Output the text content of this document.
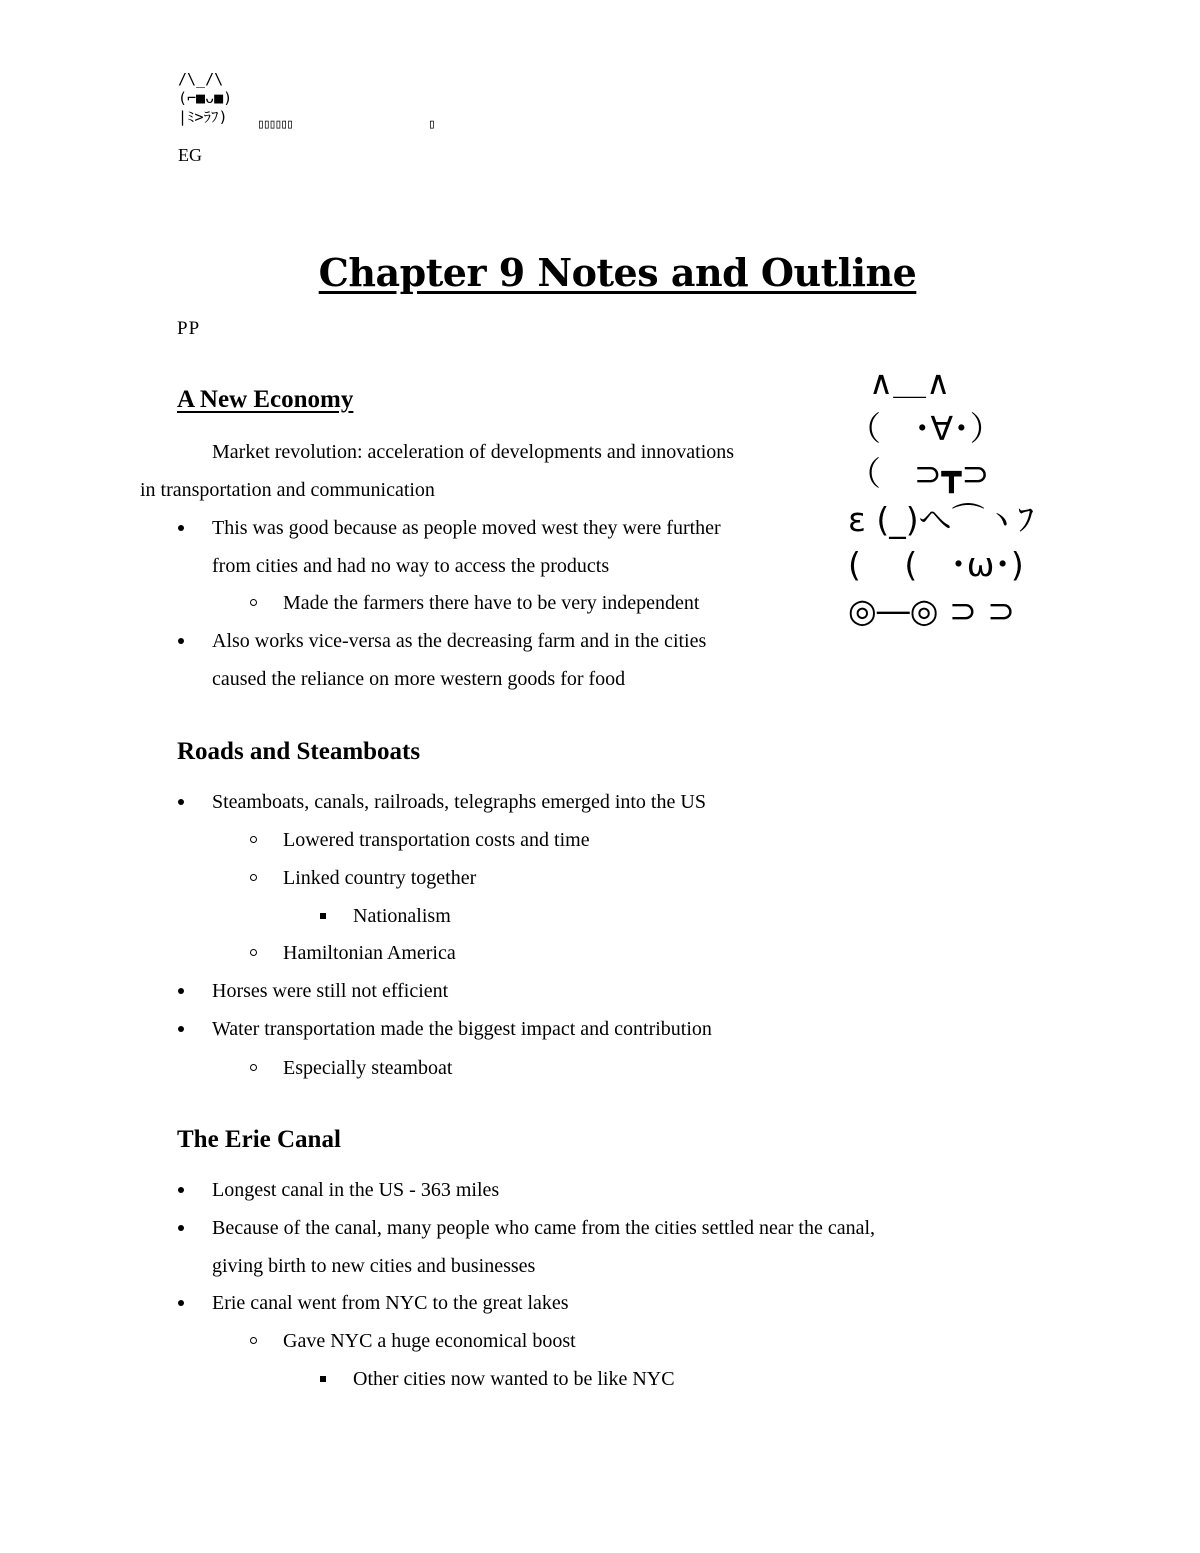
/\_/\
(⌐■ᴗ■)
|ﾐ>ﾗﾌ)	▯▯▯▯▯▯	▯
EG
Chapter 9 Notes and Outline
PP
∧＿∧
（　･∀･）
（　⊃┳⊃
ε (_)へ⌒ヽﾌ
(　 (　･ω･)
◎―◎ ⊃ ⊃
A New Economy

Market revolution: acceleration of developments and innovations

in transportation and communication

This was good because as people moved west they were further

from cities and had no way to access the products

Made the farmers there have to be very independent

Also works vice-versa as the decreasing farm and in the cities

caused the reliance on more western goods for food

Roads and Steamboats

Steamboats, canals, railroads, telegraphs emerged into the US

Lowered transportation costs and time

Linked country together

Nationalism

Hamiltonian America

Horses were still not efficient

Water transportation made the biggest impact and contribution

Especially steamboat

The Erie Canal

Longest canal in the US - 363 miles

Because of the canal, many people who came from the cities settled near the canal,

giving birth to new cities and businesses

Erie canal went from NYC to the great lakes

Gave NYC a huge economical boost

Other cities now wanted to be like NYC
